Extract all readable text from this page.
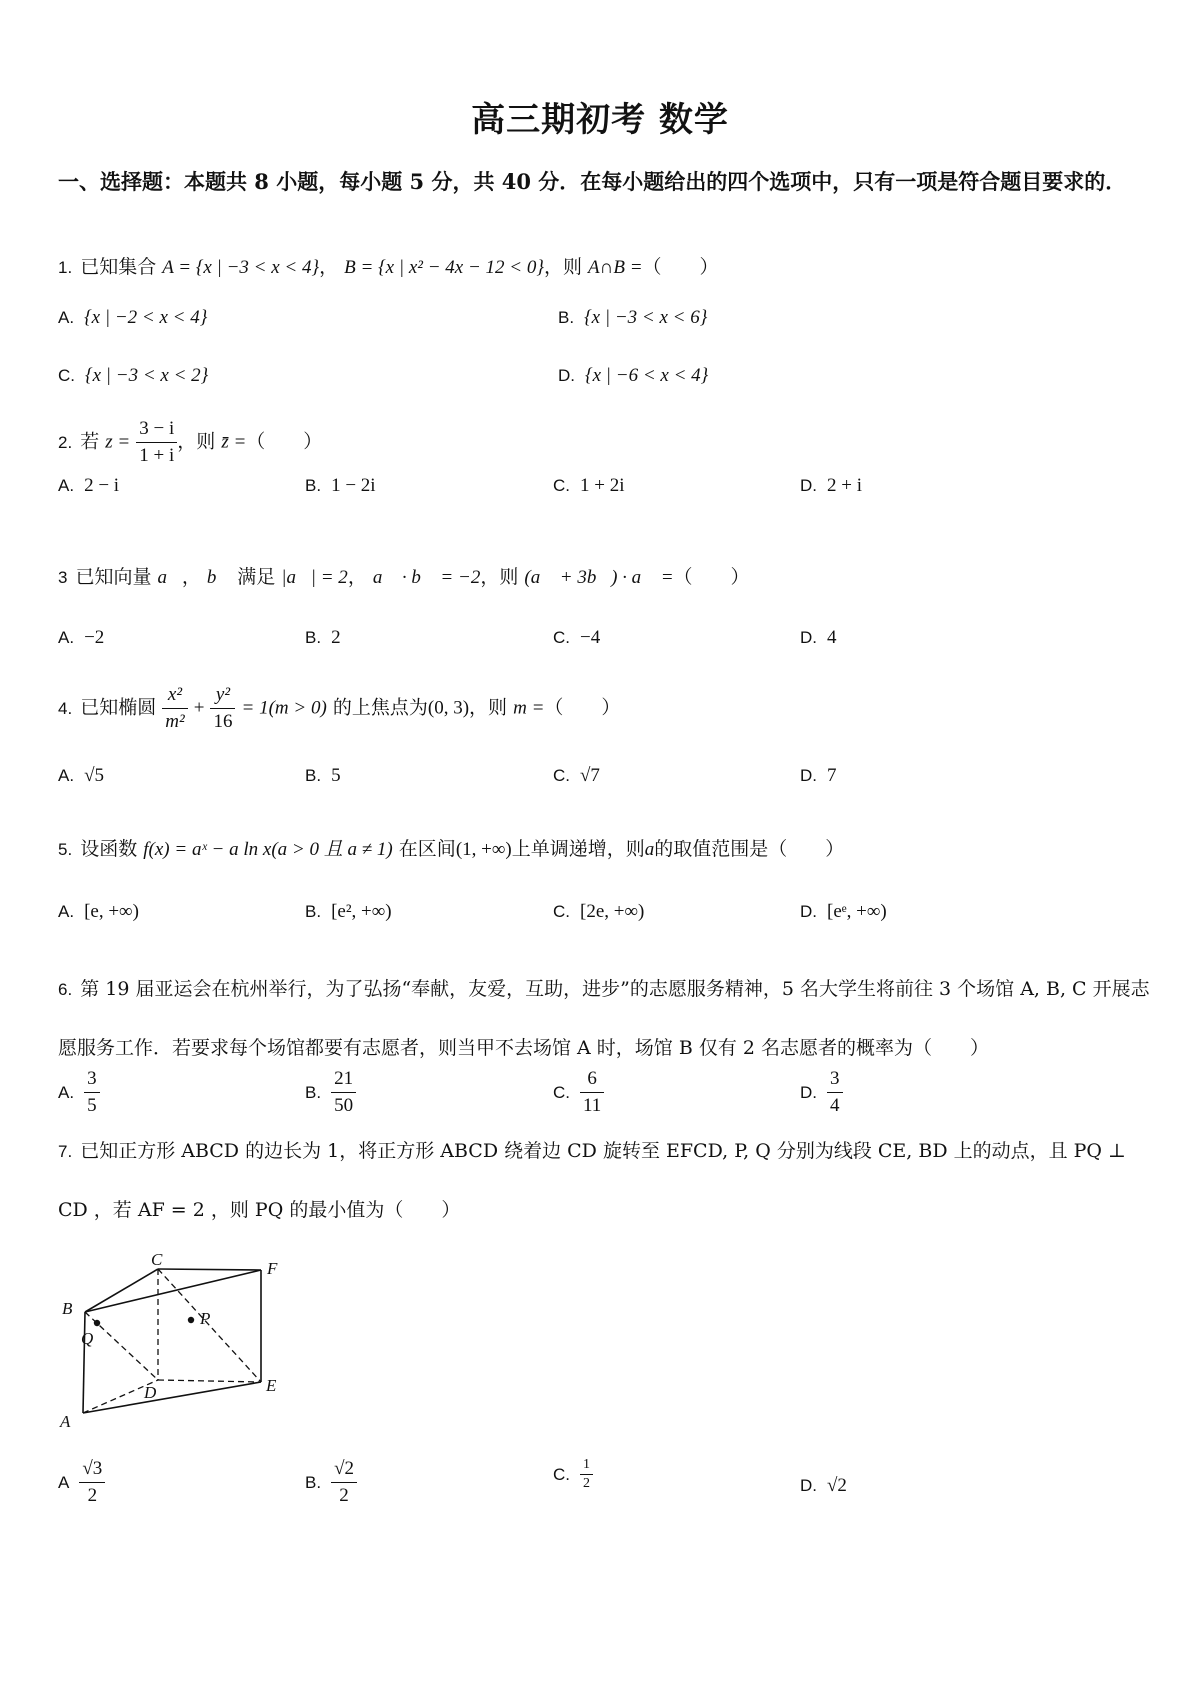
高三期初考 数学
一、选择题：本题共 8 小题，每小题 5 分，共 40 分．在每小题给出的四个选项中，只有一项是符合题目要求的．
1. 已知集合 A = {x | −3 < x < 4}， B = {x | x² − 4x − 12 < 0}，则 A∩B =（　　）
A. {x | −2 < x < 4}	B. {x | −3 < x < 6}
C. {x | −3 < x < 2}	D. {x | −6 < x < 4}
2. 若 $z = \frac{3 - i}{1 + i}$ ，则 z̄ =（　　）
A. 2 − i	B. 1 − 2i	C. 1 + 2i	D. 2 + i
3 已知向量 a⃗， b⃗ 满足 |a⃗| = 2， a⃗ · b⃗ = −2，则 (a⃗ + 3b⃗) · a⃗ =（　　）
A. −2	B. 2	C. −4	D. 4
4. 已知椭圆 $\frac{\text{x²}}{\text{m²}} + \frac{\text{y²}}{16} = 1(m > 0)$ 的上焦点为(0, 3)，则 m =（　　）
A. √5	B. 5	C. √7	D. 7
5. 设函数 f(x) = aˣ − a ln x(a > 0 且 a ≠ 1) 在区间(1, +∞)上单调递增，则a的取值范围是（　　）
A. [e, +∞)	B. [e², +∞)	C. [2e, +∞)	D. [eᵉ, +∞)
6. 第 19 届亚运会在杭州举行，为了弘扬“奉献，友爱，互助，进步”的志愿服务精神，5 名大学生将前往 3 个场馆 A, B, C 开展志愿服务工作．若要求每个场馆都要有志愿者，则当甲不去场馆 A 时，场馆 B 仅有 2 名志愿者的概率为（　　）
A. $\frac{3}{5}$	B. $\frac{21}{50}$	C. $\frac{6}{11}$	D. $\frac{3}{4}$
7. 已知正方形 ABCD 的边长为 1，将正方形 ABCD 绕着边 CD 旋转至 EFCD, P, Q 分别为线段 CE, BD 上的动点，且 PQ ⊥ CD ，若 AF = 2 ，则 PQ 的最小值为（　　）
C	F
B
P
Q
D	E
A
A $\frac{√3}{2}$	B. $\frac{√2}{2}$	C. $\frac{1}{2}$	D. √2
